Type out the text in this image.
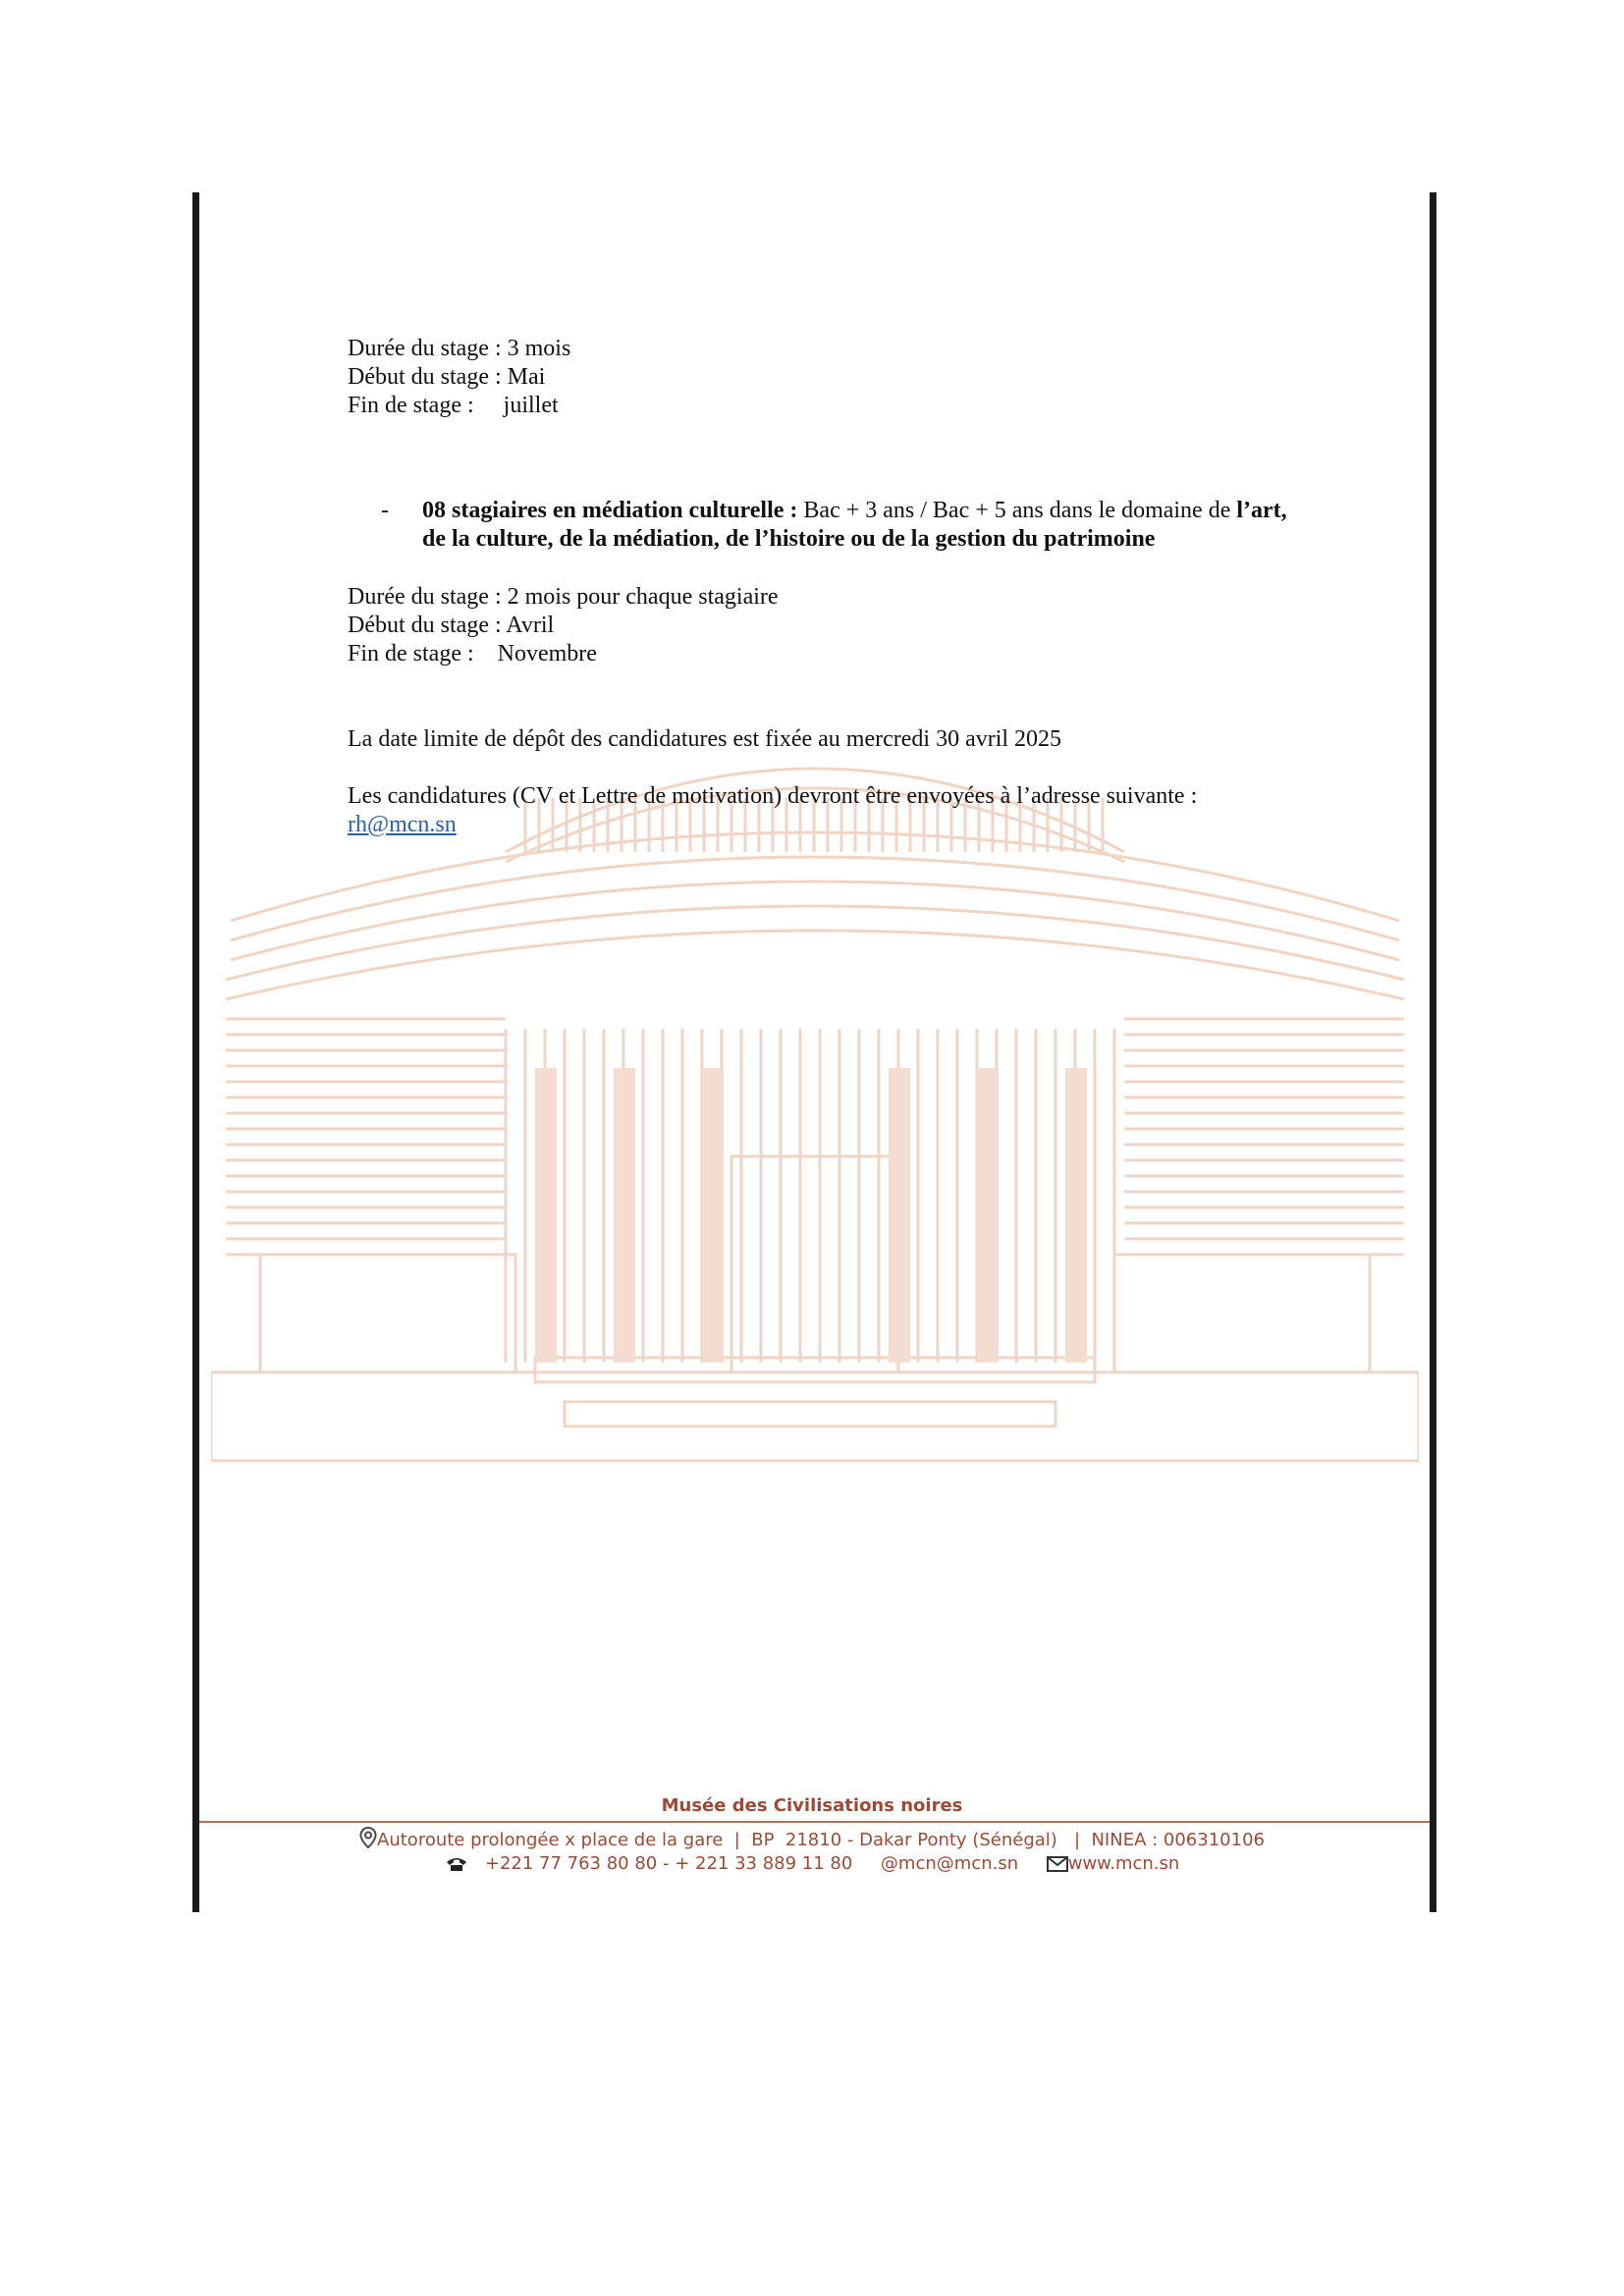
Durée du stage : 3 mois
Début du stage : Mai
Fin de stage :     juillet
- 08 stagiaires en médiation culturelle : Bac + 3 ans / Bac + 5 ans dans le domaine de l’art, de la culture, de la médiation, de l’histoire ou de la gestion du patrimoine
Durée du stage : 2 mois pour chaque stagiaire
Début du stage : Avril
Fin de stage :    Novembre
La date limite de dépôt des candidatures est fixée au mercredi 30 avril 2025
Les candidatures (CV et Lettre de motivation) devront être envoyées à l’adresse suivante :
rh@mcn.sn
Musée des Civilisations noires
Autoroute prolongée x place de la gare  |  BP  21810 - Dakar Ponty (Sénégal)   |  NINEA : 006310106
+221 77 763 80 80 - + 221 33 889 11 80 @mcn@mcn.sn	www.mcn.sn
